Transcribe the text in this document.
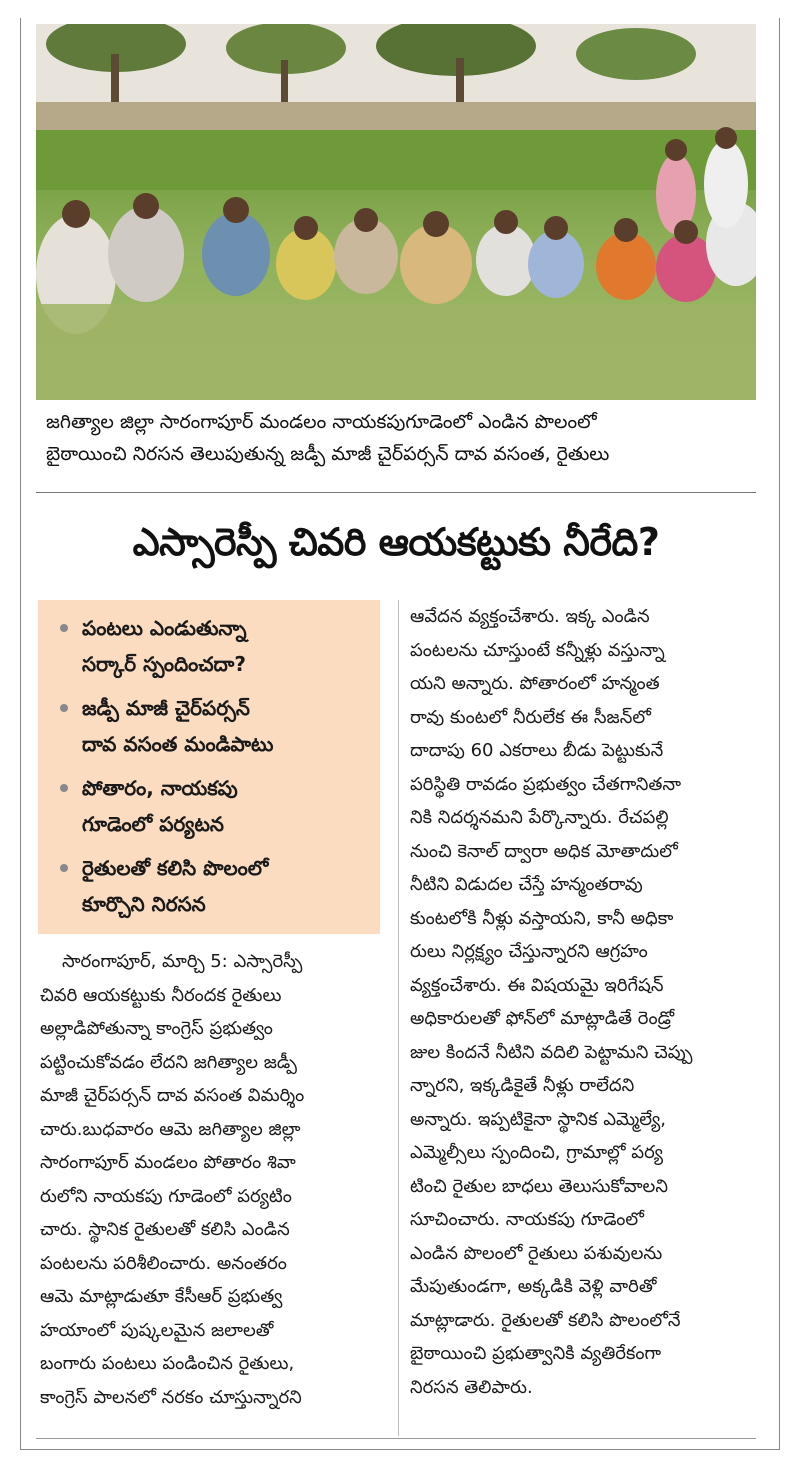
జగిత్యాల జిల్లా సారంగాపూర్ మండలం నాయకపుగూడెంలో ఎండిన పొలంలో
బైఠాయించి నిరసన తెలుపుతున్న జడ్పీ మాజీ చైర్‌పర్సన్ దావ వసంత, రైతులు
ఎస్సారెస్పీ చివరి ఆయకట్టుకు నీరేది?
పంటలు ఎండుతున్నా
సర్కార్ స్పందించదా?
జడ్పీ మాజీ చైర్‌పర్సన్
దావ వసంత మండిపాటు
పోతారం, నాయకపు
గూడెంలో పర్యటన
రైతులతో కలిసి పొలంలో
కూర్చొని నిరసన
సారంగాపూర్, మార్చి 5: ఎస్సారెస్పీ
చివరి ఆయకట్టుకు నీరందక రైతులు
అల్లాడిపోతున్నా కాంగ్రెస్ ప్రభుత్వం
పట్టించుకోవడం లేదని జగిత్యాల జడ్పీ
మాజీ చైర్‌పర్సన్ దావ వసంత విమర్శిం
చారు.బుధవారం ఆమె జగిత్యాల జిల్లా
సారంగాపూర్ మండలం పోతారం శివా
రులోని నాయకపు గూడెంలో పర్యటిం
చారు. స్థానిక రైతులతో కలిసి ఎండిన
పంటలను పరిశీలించారు. అనంతరం
ఆమె మాట్లాడుతూ కేసీఆర్ ప్రభుత్వ
హయాంలో పుష్కలమైన జలాలతో
బంగారు పంటలు పండించిన రైతులు,
కాంగ్రెస్ పాలనలో నరకం చూస్తున్నారని
ఆవేదన వ్యక్తంచేశారు. ఇక్క ఎండిన
పంటలను చూస్తుంటే కన్నీళ్లు వస్తున్నా
యని అన్నారు. పోతారంలో హన్మంత
రావు కుంటలో నీరులేక ఈ సీజన్‌లో
దాదాపు 60 ఎకరాలు బీడు పెట్టుకునే
పరిస్థితి రావడం ప్రభుత్వం చేతగానితనా
నికి నిదర్శనమని పేర్కొన్నారు. రేచపల్లి
నుంచి కెనాల్ ద్వారా అధిక మోతాదులో
నీటిని విడుదల చేస్తే హన్మంతరావు
కుంటలోకి నీళ్లు వస్తాయని, కానీ అధికా
రులు నిర్లక్ష్యం చేస్తున్నారని ఆగ్రహం
వ్యక్తంచేశారు. ఈ విషయమై ఇరిగేషన్
అధికారులతో ఫోన్‌లో మాట్లాడితే రెండ్రో
జుల కిందనే నీటిని వదిలి పెట్టామని చెప్పు
న్నారని, ఇక్కడికైతే నీళ్లు రాలేదని
అన్నారు. ఇప్పటికైనా స్థానిక ఎమ్మెల్యే,
ఎమ్మెల్సీలు స్పందించి, గ్రామాల్లో పర్య
టించి రైతుల బాధలు తెలుసుకోవాలని
సూచించారు. నాయకపు గూడెంలో
ఎండిన పొలంలో రైతులు పశువులను
మేపుతుండగా, అక్కడికి వెళ్లి వారితో
మాట్లాడారు. రైతులతో కలిసి పొలంలోనే
బైఠాయించి ప్రభుత్వానికి వ్యతిరేకంగా
నిరసన తెలిపారు.
